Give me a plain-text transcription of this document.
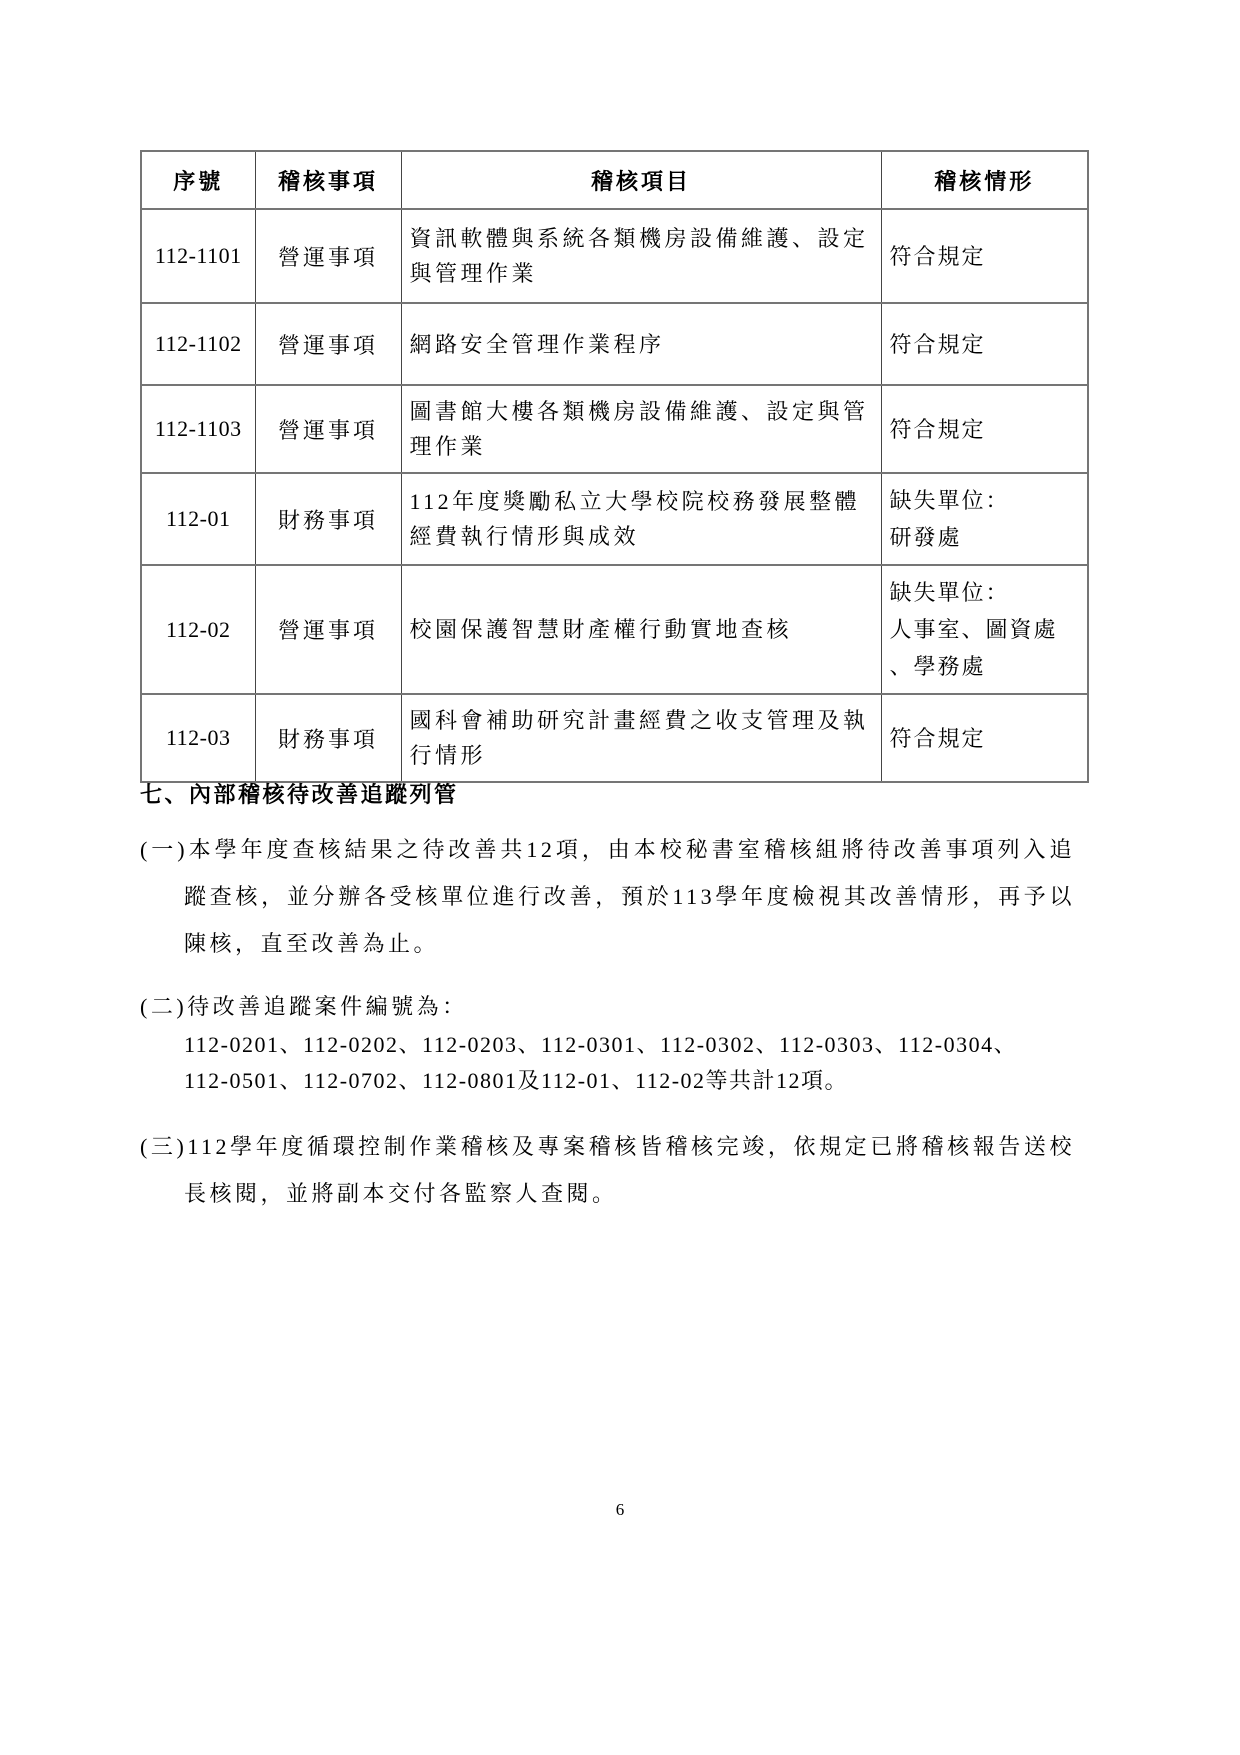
序號	稽核事項	稽核項目	稽核情形
112-1101	營運事項	資訊軟體與系統各類機房設備維護、設定與管理作業	符合規定

112-1102	營運事項	網路安全管理作業程序	符合規定

112-1103	營運事項	圖書館大樓各類機房設備維護、設定與管理作業	符合規定

112-01	財務事項	112年度獎勵私立大學校院校務發展整體經費執行情形與成效	缺失單位：
研發處

112-02	營運事項	校園保護智慧財產權行動實地查核	缺失單位：
人事室、圖資處
、學務處

112-03	財務事項	國科會補助研究計畫經費之收支管理及執行情形	符合規定
七、內部稽核待改善追蹤列管
(一)本學年度查核結果之待改善共12項，由本校秘書室稽核組將待改善事項列入追蹤查核，並分辦各受核單位進行改善，預於113學年度檢視其改善情形，再予以陳核，直至改善為止。
(二)待改善追蹤案件編號為：
112-0201、112-0202、112-0203、112-0301、112-0302、112-0303、112-0304、
112-0501、112-0702、112-0801及112-01、112-02等共計12項。
(三)112學年度循環控制作業稽核及專案稽核皆稽核完竣，依規定已將稽核報告送校長核閱，並將副本交付各監察人查閱。
6
